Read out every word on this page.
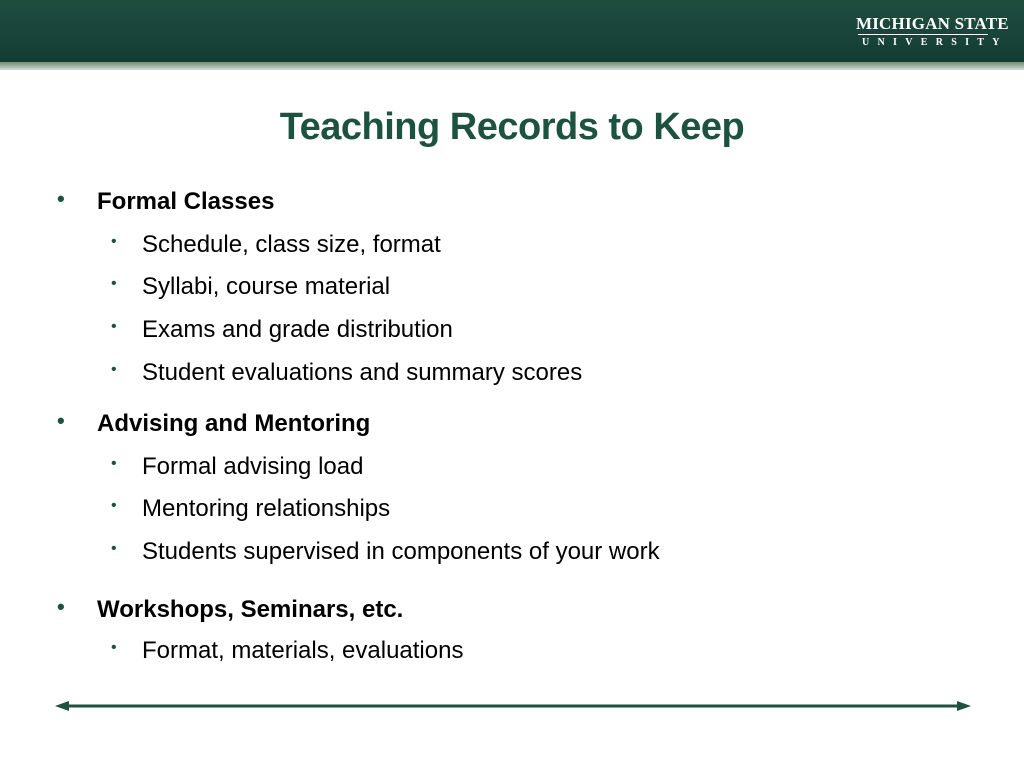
MICHIGAN STATE
UNIVERSITY
Teaching Records to Keep
• Formal Classes
• Schedule, class size, format
• Syllabi, course material
• Exams and grade distribution
• Student evaluations and summary scores
• Advising and Mentoring
• Formal advising load
• Mentoring relationships
• Students supervised in components of your work
• Workshops, Seminars, etc.
• Format, materials, evaluations
